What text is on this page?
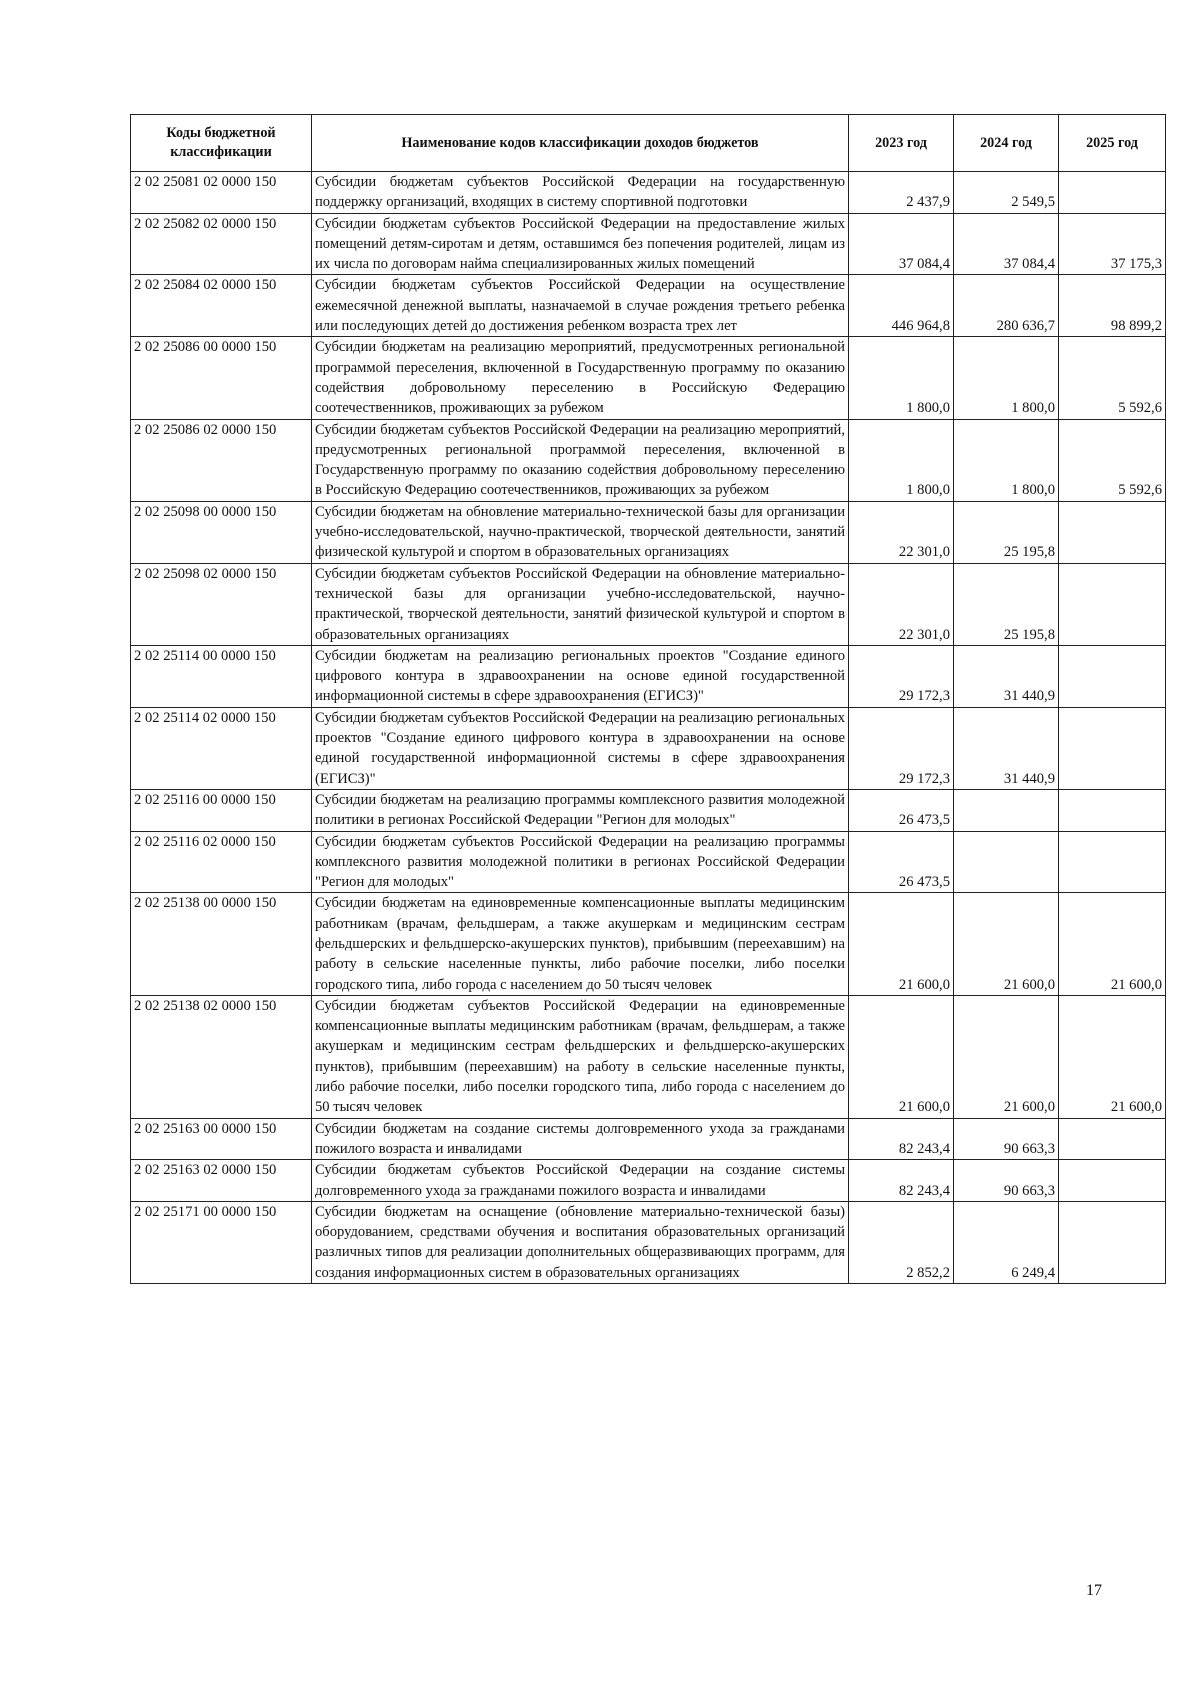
Коды бюджетной классификации	Наименование кодов классификации доходов бюджетов	2023 год	2024 год	2025 год
2 02 25081 02 0000 150	Субсидии бюджетам субъектов Российской Федерации на государственную поддержку организаций, входящих в систему спортивной подготовки	2 437,9	2 549,5	
2 02 25082 02 0000 150	Субсидии бюджетам субъектов Российской Федерации на предоставление жилых помещений детям-сиротам и детям, оставшимся без попечения родителей, лицам из их числа по договорам найма специализированных жилых помещений	37 084,4	37 084,4	37 175,3
2 02 25084 02 0000 150	Субсидии бюджетам субъектов Российской Федерации на осуществление ежемесячной денежной выплаты, назначаемой в случае рождения третьего ребенка или последующих детей до достижения ребенком возраста трех лет	446 964,8	280 636,7	98 899,2
2 02 25086 00 0000 150	Субсидии бюджетам на реализацию мероприятий, предусмотренных региональной программой переселения, включенной в Государственную программу по оказанию содействия добровольному переселению в Российскую Федерацию соотечественников, проживающих за рубежом	1 800,0	1 800,0	5 592,6
2 02 25086 02 0000 150	Субсидии бюджетам субъектов Российской Федерации на реализацию мероприятий, предусмотренных региональной программой переселения, включенной в Государственную программу по оказанию содействия добровольному переселению в Российскую Федерацию соотечественников, проживающих за рубежом	1 800,0	1 800,0	5 592,6
2 02 25098 00 0000 150	Субсидии бюджетам на обновление материально-технической базы для организации учебно-исследовательской, научно-практической, творческой деятельности, занятий физической культурой и спортом в образовательных организациях	22 301,0	25 195,8	
2 02 25098 02 0000 150	Субсидии бюджетам субъектов Российской Федерации на обновление материально-технической базы для организации учебно-исследовательской, научно-практической, творческой деятельности, занятий физической культурой и спортом в образовательных организациях	22 301,0	25 195,8	
2 02 25114 00 0000 150	Субсидии бюджетам на реализацию региональных проектов "Создание единого цифрового контура в здравоохранении на основе единой государственной информационной системы в сфере здравоохранения (ЕГИСЗ)"	29 172,3	31 440,9	
2 02 25114 02 0000 150	Субсидии бюджетам субъектов Российской Федерации на реализацию региональных проектов "Создание единого цифрового контура в здравоохранении на основе единой государственной информационной системы в сфере здравоохранения (ЕГИСЗ)"	29 172,3	31 440,9	
2 02 25116 00 0000 150	Субсидии бюджетам на реализацию программы комплексного развития молодежной политики в регионах Российской Федерации "Регион для молодых"	26 473,5		
2 02 25116 02 0000 150	Субсидии бюджетам субъектов Российской Федерации на реализацию программы комплексного развития молодежной политики в регионах Российской Федерации "Регион для молодых"	26 473,5		
2 02 25138 00 0000 150	Субсидии бюджетам на единовременные компенсационные выплаты медицинским работникам (врачам, фельдшерам, а также акушеркам и медицинским сестрам фельдшерских и фельдшерско-акушерских пунктов), прибывшим (переехавшим) на работу в сельские населенные пункты, либо рабочие поселки, либо поселки городского типа, либо города с населением до 50 тысяч человек	21 600,0	21 600,0	21 600,0
2 02 25138 02 0000 150	Субсидии бюджетам субъектов Российской Федерации на единовременные компенсационные выплаты медицинским работникам (врачам, фельдшерам, а также акушеркам и медицинским сестрам фельдшерских и фельдшерско-акушерских пунктов), прибывшим (переехавшим) на работу в сельские населенные пункты, либо рабочие поселки, либо поселки городского типа, либо города с населением до 50 тысяч человек	21 600,0	21 600,0	21 600,0
2 02 25163 00 0000 150	Субсидии бюджетам на создание системы долговременного ухода за гражданами пожилого возраста и инвалидами	82 243,4	90 663,3	
2 02 25163 02 0000 150	Субсидии бюджетам субъектов Российской Федерации на создание системы долговременного ухода за гражданами пожилого возраста и инвалидами	82 243,4	90 663,3	
2 02 25171 00 0000 150	Субсидии бюджетам на оснащение (обновление материально-технической базы) оборудованием, средствами обучения и воспитания образовательных организаций различных типов для реализации дополнительных общеразвивающих программ, для создания информационных систем в образовательных организациях	2 852,2	6 249,4	
17
